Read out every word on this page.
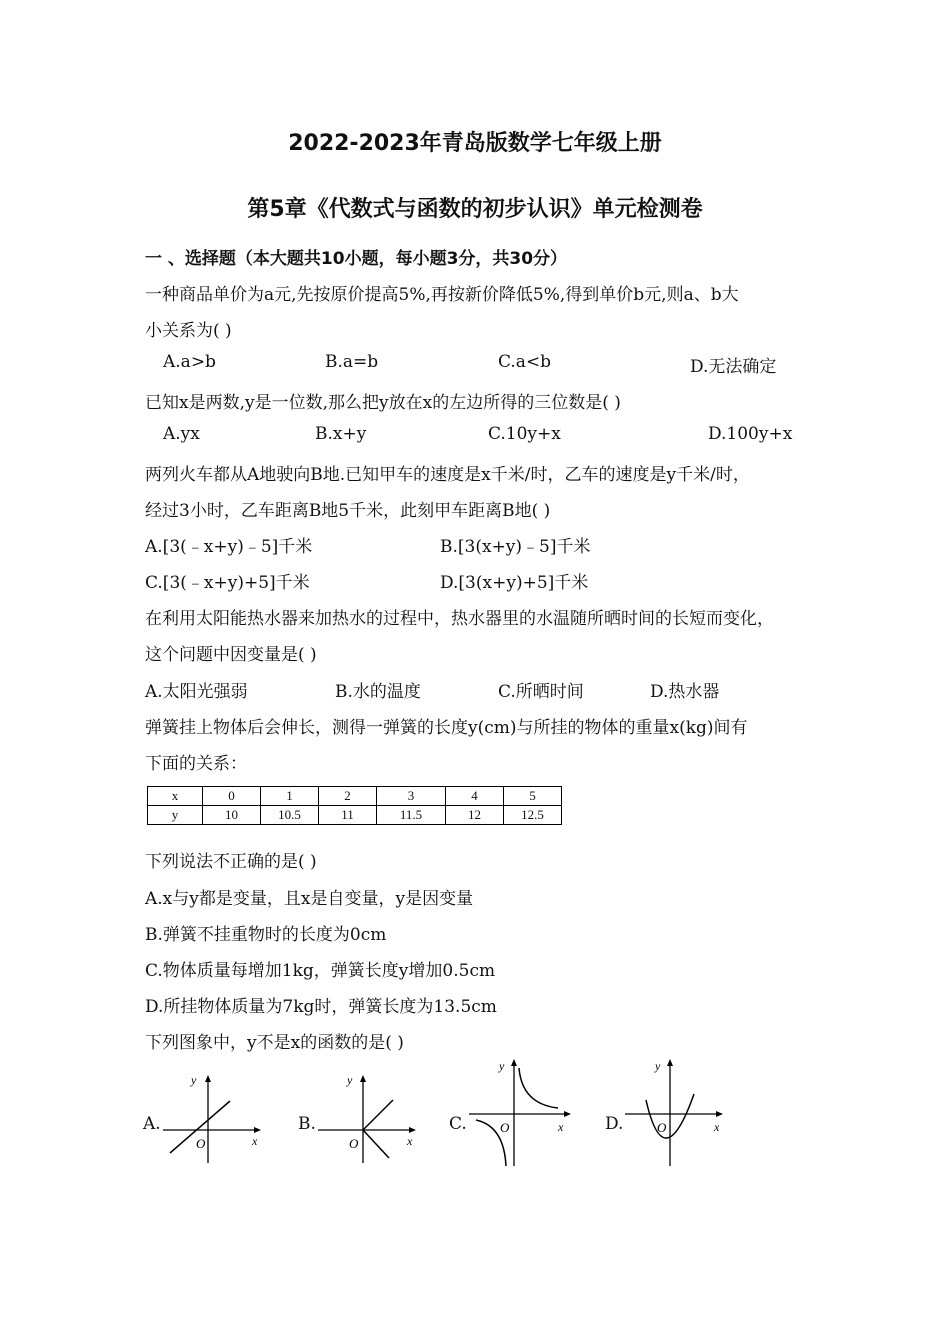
2022-2023年青岛版数学七年级上册
第5章《代数式与函数的初步认识》单元检测卷
一 、选择题（本大题共10小题，每小题3分，共30分）
一种商品单价为a元,先按原价提高5%,再按新价降低5%,得到单价b元,则a、b大
小关系为( )
A.a>b	B.a=b	C.a<b	D.无法确定
已知x是两数,y是一位数,那么把y放在x的左边所得的三位数是( )
A.yx	B.x+y	C.10y+x	D.100y+x
两列火车都从A地驶向B地.已知甲车的速度是x千米/时，乙车的速度是y千米/时，
经过3小时，乙车距离B地5千米，此刻甲车距离B地( )
A.[3(﹣x+y)﹣5]千米	B.[3(x+y)﹣5]千米
C.[3(﹣x+y)+5]千米	D.[3(x+y)+5]千米
在利用太阳能热水器来加热水的过程中，热水器里的水温随所晒时间的长短而变化，
这个问题中因变量是( )
A.太阳光强弱	B.水的温度	C.所晒时间	D.热水器
弹簧挂上物体后会伸长，测得一弹簧的长度y(cm)与所挂的物体的重量x(kg)间有
下面的关系：
x	0	1	2	3	4	5
y	10	10.5	11	11.5	12	12.5
下列说法不正确的是( )
A.x与y都是变量，且x是自变量，y是因变量
B.弹簧不挂重物时的长度为0cm
C.物体质量每增加1kg，弹簧长度y增加0.5cm
D.所挂物体质量为7kg时，弹簧长度为13.5cm
下列图象中，y不是x的函数的是( )
A.
y
x
O
B.
y
x
O
C.
y
x
O	D.
y
x
O
